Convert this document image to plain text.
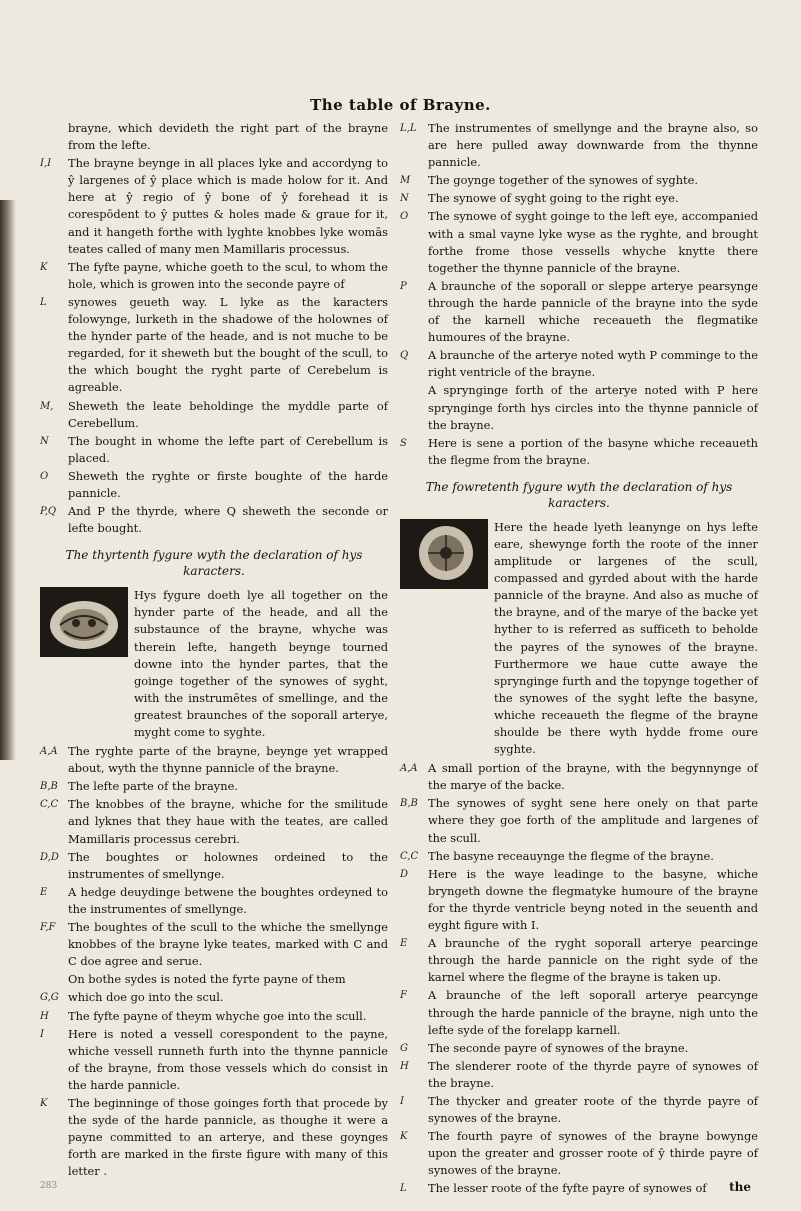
The table of Brayne.
brayne, which devideth the right part of the brayne from the lefte.
I,I	The brayne beynge in all places lyke and accordyng to ŷ largenes of ŷ place which is made holow for it. And here at ŷ regio of ŷ bone of ŷ forehead it is corespōdent to ŷ puttes & holes made & graue for it, and it hangeth forthe with lyghte knobbes lyke womās teates called of many men Mamillaris processus.
K	The fyfte payne, whiche goeth to the scul, to whom the hole, which is growen into the seconde payre of
L	synowes geueth way. L lyke as the karacters folowynge, lurketh in the shadowe of the holownes of the hynder parte of the heade, and is not muche to be regarded, for it sheweth but the bought of the scull, to the which bought the ryght parte of Cerebelum is agreable.
M,	Sheweth the leate beholdinge the myddle parte of Cerebellum.
N	The bought in whome the lefte part of Cerebellum is placed.
O	Sheweth the ryghte or firste boughte of the harde pannicle.
P,Q	And P the thyrde, where Q sheweth the seconde or lefte bought.
The thyrtenth fygure wyth the declaration of hys karacters.
Hys fygure doeth lye all together on the hynder parte of the heade, and all the substaunce of the brayne, whyche was therein lefte, hangeth beynge tourned downe into the hynder partes, that the goinge together of the synowes of syght, with the instrumētes of smellinge, and the greatest braunches of the soporall arterye, myght come to syghte.
A,A The ryghte parte of the brayne, beynge yet wrapped about, wyth the thynne pannicle of the brayne.
B,B The lefte parte of the brayne.
C,C The knobbes of the brayne, whiche for the smilitude and lyknes that they haue with the teates, are called Mamillaris processus cerebri.
D,D The boughtes or holownes ordeined to the instrumentes of smellynge.
E	A hedge deuydinge betwene the boughtes ordeyned to the instrumentes of smellynge.
F,F	The boughtes of the scull to the whiche the smellynge knobbes of the brayne lyke teates, marked with C and C doe agree and serue.
On bothe sydes is noted the fyrte payne of them
G,G which doe go into the scul.
H	The fyfte payne of theym whyche goe into the scull.
I	Here is noted a vessell corespondent to the payne, whiche vessell runneth furth into the thynne pannicle of the brayne, from those vessels which do consist in the harde pannicle.
K	The beginninge of those goinges forth that procede by the syde of the harde pannicle, as thoughe it were a payne committed to an arterye, and these goynges forth are marked in the firste figure with many of this letter .
L,L	The instrumentes of smellynge and the brayne also, so are here pulled away downwarde from the thynne pannicle.
M	The goynge together of the synowes of syghte.
N	The synowe of syght going to the right eye.
O	The synowe of syght goinge to the left eye, accompanied with a smal vayne lyke wyse as the ryghte, and brought forthe frome those vessells whyche knytte there together the thynne pannicle of the brayne.
P	A braunche of the soporall or sleppe arterye pearsynge through the harde pannicle of the brayne into the syde of the karnell whiche receaueth the flegmatike humoures of the brayne.
Q	A braunche of the arterye noted wyth P comminge to the right ventricle of the brayne.
A sprynginge forth of the arterye noted with P here sprynginge forth hys circles into the thynne pannicle of the brayne.
S	Here is sene a portion of the basyne whiche receaueth the flegme from the brayne.
The fowretenth fygure wyth the declaration of hys karacters.
Here the heade lyeth leanynge on hys lefte eare, shewynge forth the roote of the inner amplitude or largenes of the scull, compassed and gyrded about with the harde pannicle of the brayne. And also as muche of the brayne, and of the marye of the backe yet hyther to is referred as sufficeth to beholde the payres of the synowes of the brayne. Furthermore we haue cutte awaye the sprynginge furth and the topynge together of the synowes of the syght lefte the basyne, whiche receaueth the flegme of the brayne shoulde be there wyth hydde frome oure syghte.
A,A A small portion of the brayne, with the begynnynge of the marye of the backe.
B,B The synowes of syght sene here onely on that parte where they goe forth of the amplitude and largenes of the scull.
C,C The basyne receauynge the flegme of the brayne.
D	Here is the waye leadinge to the basyne, whiche bryngeth downe the flegmatyke humoure of the brayne for the thyrde ventricle beyng noted in the seuenth and eyght figure with I.
E	A braunche of the ryght soporall arterye pearcinge through the harde pannicle on the right syde of the karnel where the flegme of the brayne is taken up.
F	A braunche of the left soporall arterye pearcynge through the harde pannicle of the brayne, nigh unto the lefte syde of the forelapp karnell.
G	The seconde payre of synowes of the brayne.
H	The slenderer roote of the thyrde payre of synowes of the brayne.
I	The thycker and greater roote of the thyrde payre of synowes of the brayne.
K	The fourth payre of synowes of the brayne bowynge upon the greater and grosser roote of ŷ thirde payre of synowes of the brayne.
L	The lesser roote of the fyfte payre of synowes of	the
283
